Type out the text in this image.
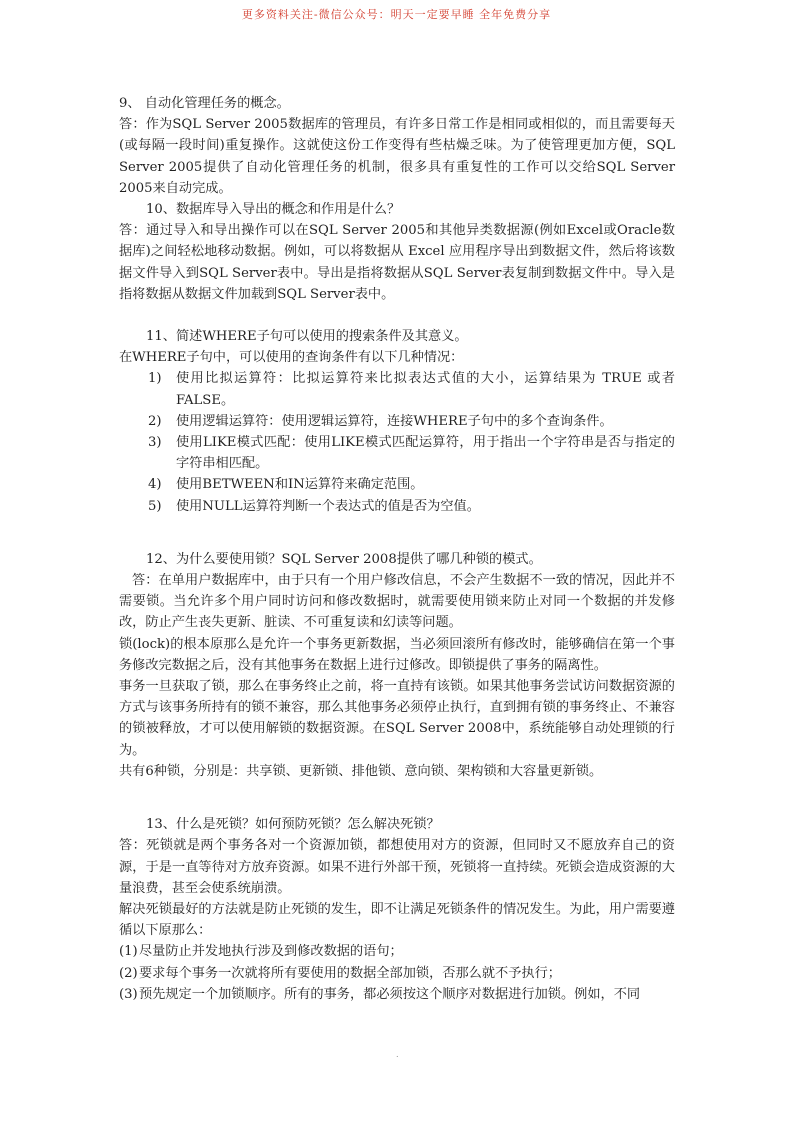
更多资料关注-微信公众号：明天一定要早睡 全年免费分享

9、 自动化管理任务的概念。

答：作为SQL Server 2005数据库的管理员，有许多日常工作是相同或相似的，而且需要每天(或每隔一段时间)重复操作。这就使这份工作变得有些枯燥乏味。为了使管理更加方便，SQL Server 2005提供了自动化管理任务的机制，很多具有重复性的工作可以交给SQL Server 2005来自动完成。

10、数据库导入导出的概念和作用是什么？

答：通过导入和导出操作可以在SQL Server 2005和其他异类数据源(例如Excel或Oracle数据库)之间轻松地移动数据。例如，可以将数据从 Excel 应用程序导出到数据文件，然后将该数据文件导入到SQL Server表中。导出是指将数据从SQL Server表复制到数据文件中。导入是指将数据从数据文件加载到SQL Server表中。

11、简述WHERE子句可以使用的搜索条件及其意义。

在WHERE子句中，可以使用的查询条件有以下几种情况：

1) 使用比拟运算符：比拟运算符来比拟表达式值的大小，运算结果为 TRUE 或者FALSE。
2) 使用逻辑运算符：使用逻辑运算符，连接WHERE子句中的多个查询条件。
3) 使用LIKE模式匹配：使用LIKE模式匹配运算符，用于指出一个字符串是否与指定的字符串相匹配。
4) 使用BETWEEN和IN运算符来确定范围。
5) 使用NULL运算符判断一个表达式的值是否为空值。

12、为什么要使用锁？SQL Server 2008提供了哪几种锁的模式。

答：在单用户数据库中，由于只有一个用户修改信息，不会产生数据不一致的情况，因此并不需要锁。当允许多个用户同时访问和修改数据时，就需要使用锁来防止对同一个数据的并发修改，防止产生丧失更新、脏读、不可重复读和幻读等问题。

锁(lock)的根本原那么是允许一个事务更新数据，当必须回滚所有修改时，能够确信在第一个事务修改完数据之后，没有其他事务在数据上进行过修改。即锁提供了事务的隔离性。

事务一旦获取了锁，那么在事务终止之前，将一直持有该锁。如果其他事务尝试访问数据资源的方式与该事务所持有的锁不兼容，那么其他事务必须停止执行，直到拥有锁的事务终止、不兼容的锁被释放，才可以使用解锁的数据资源。在SQL Server 2008中，系统能够自动处理锁的行为。

共有6种锁，分别是：共享锁、更新锁、排他锁、意向锁、架构锁和大容量更新锁。

13、什么是死锁？如何预防死锁？怎么解决死锁？

答：死锁就是两个事务各对一个资源加锁，都想使用对方的资源，但同时又不愿放弃自己的资源，于是一直等待对方放弃资源。如果不进行外部干预，死锁将一直持续。死锁会造成资源的大量浪费，甚至会使系统崩溃。

解决死锁最好的方法就是防止死锁的发生，即不让满足死锁条件的情况发生。为此，用户需要遵循以下原那么：

(1) 尽量防止并发地执行涉及到修改数据的语句；
(2) 要求每个事务一次就将所有要使用的数据全部加锁，否那么就不予执行；
(3) 预先规定一个加锁顺序。所有的事务，都必须按这个顺序对数据进行加锁。例如，不同
.
